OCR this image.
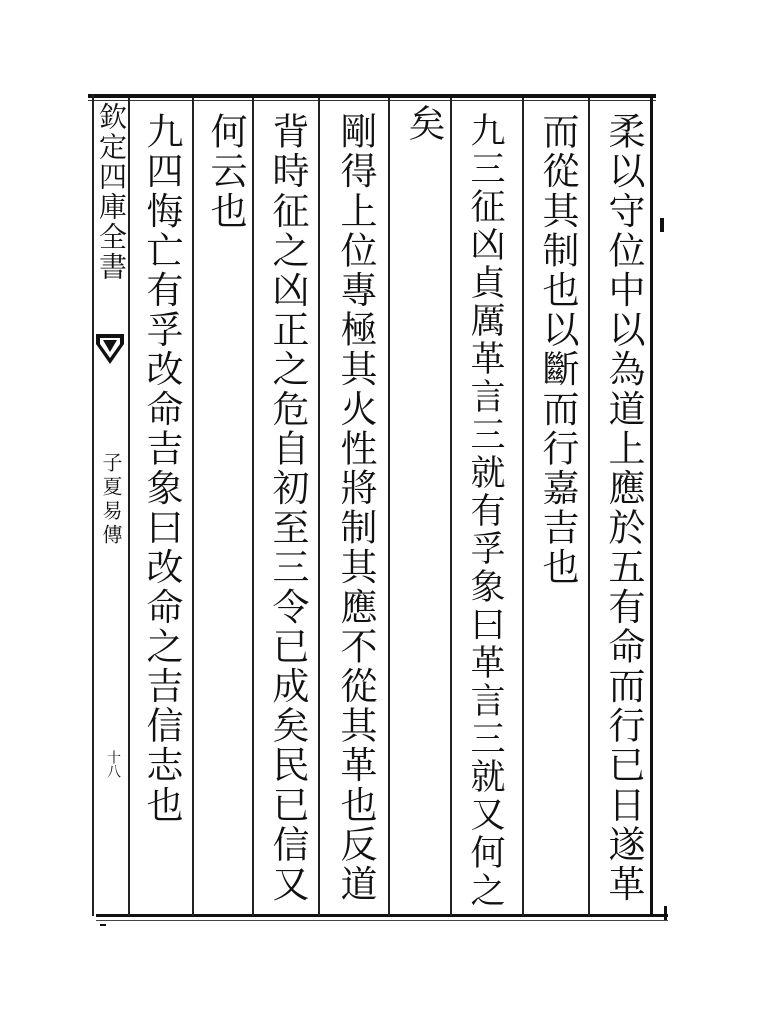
欽定四庫全書
子夏易傳
十八	柔以守位中以為道上應於五有命而行已日遂革
而從其制也以斷而行嘉吉也
九三征凶貞厲革言三就有孚象曰革言三就又何之
矣
剛得上位專極其火性將制其應不從其革也反道
背時征之凶正之危自初至三令已成矣民已信又
何云也
九四悔亡有孚改命吉象曰改命之吉信志也
